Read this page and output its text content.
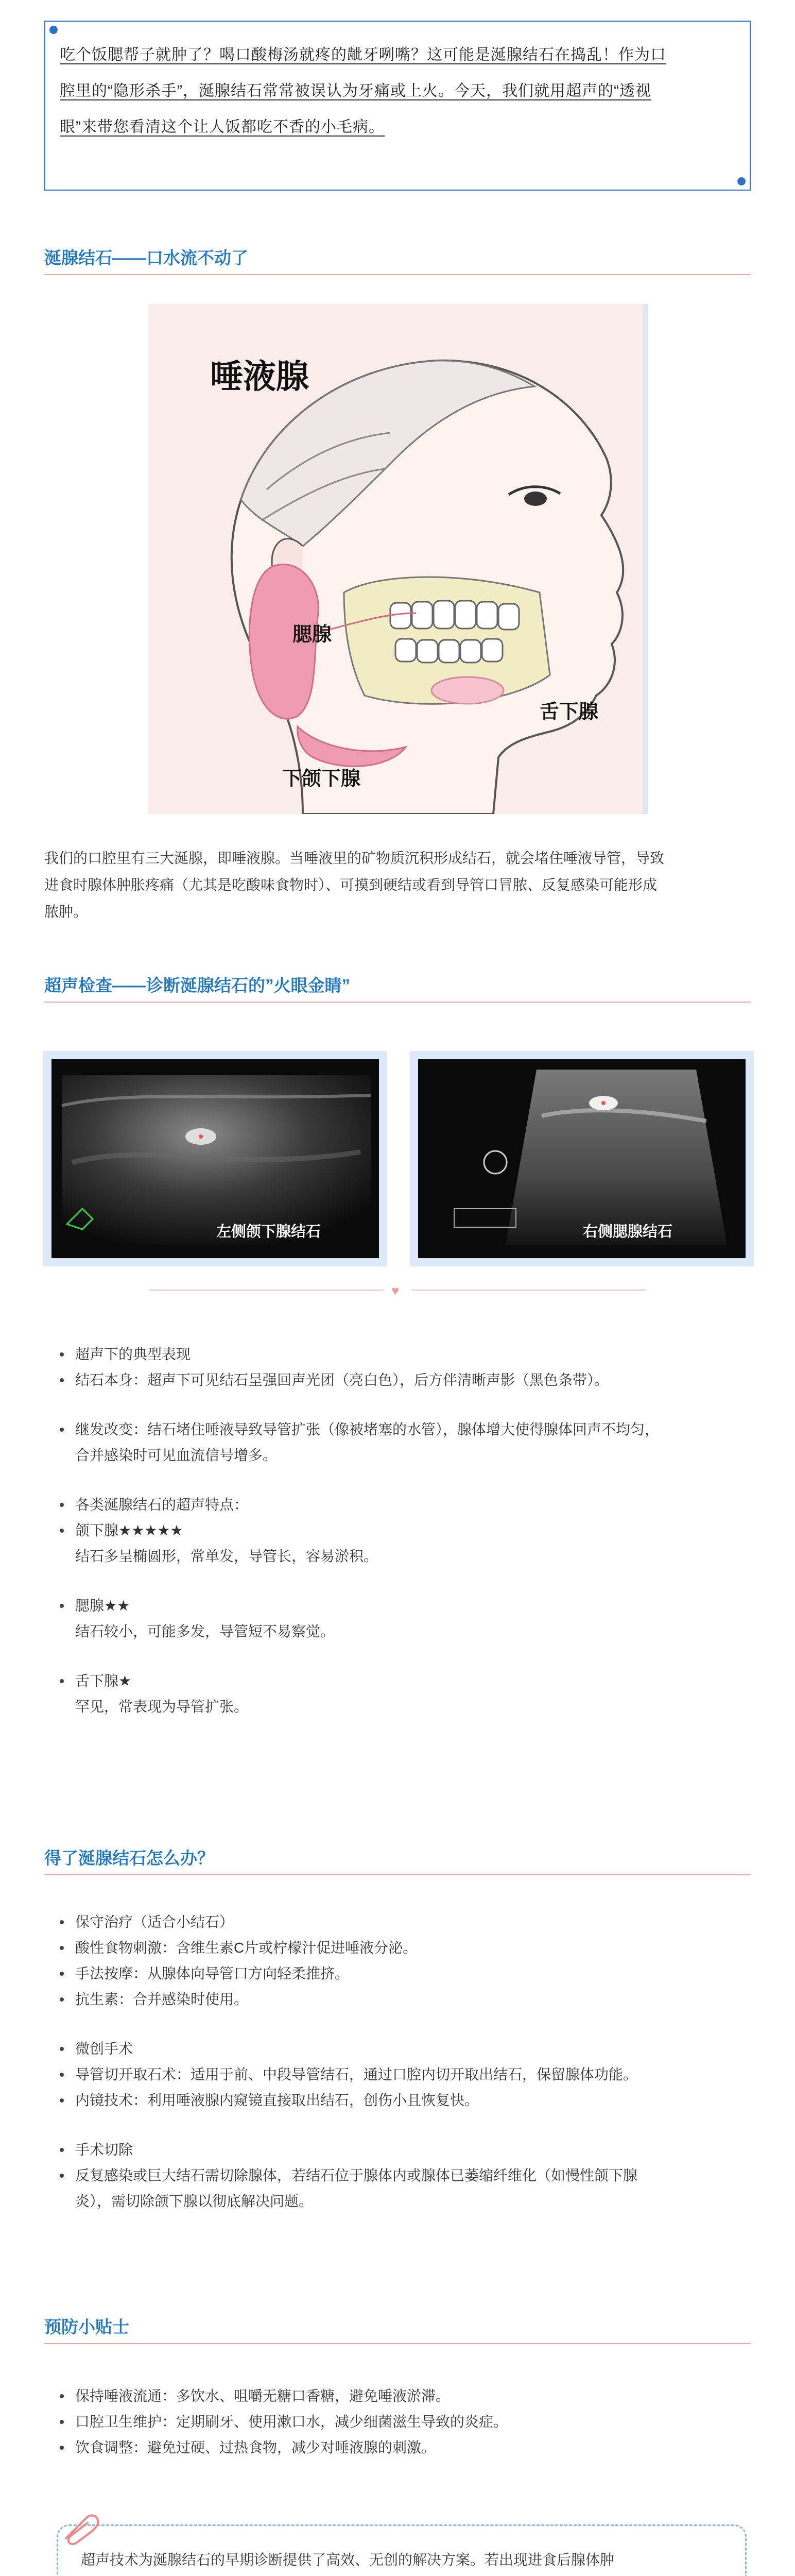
吃个饭腮帮子就肿了？喝口酸梅汤就疼的龇牙咧嘴？这可能是涎腺结石在捣乱！作为口

腔里的“隐形杀手”，涎腺结石常常被误认为牙痛或上火。今天，我们就用超声的“透视

眼”来带您看清这个让人饭都吃不香的小毛病。

涎腺结石——口水流不动了
唾液腺
腮腺
舌下腺
下颌下腺
我们的口腔里有三大涎腺，即唾液腺。当唾液里的矿物质沉积形成结石，就会堵住唾液导管，导致
进食时腺体肿胀疼痛（尤其是吃酸味食物时）、可摸到硬结或看到导管口冒脓、反复感染可能形成
脓肿。
超声检查——诊断涎腺结石的”火眼金睛”
左侧颌下腺结石	右侧腮腺结石
♥
超声下的典型表现
结石本身：超声下可见结石呈强回声光团（亮白色），后方伴清晰声影（黑色条带）。
继发改变：结石堵住唾液导致导管扩张（像被堵塞的水管），腺体增大使得腺体回声不均匀，
合并感染时可见血流信号增多。
各类涎腺结石的超声特点：
颌下腺★★★★★
结石多呈椭圆形，常单发，导管长，容易淤积。
腮腺★★
结石较小，可能多发，导管短不易察觉。
舌下腺★
罕见，常表现为导管扩张。
得了涎腺结石怎么办？
保守治疗（适合小结石）
酸性食物刺激：含维生素C片或柠檬汁促进唾液分泌。
手法按摩：从腺体向导管口方向轻柔推挤。
抗生素：合并感染时使用。
微创手术
导管切开取石术：适用于前、中段导管结石，通过口腔内切开取出结石，保留腺体功能。
内镜技术：利用唾液腺内窥镜直接取出结石，创伤小且恢复快。
手术切除
反复感染或巨大结石需切除腺体，若结石位于腺体内或腺体已萎缩纤维化（如慢性颌下腺
炎），需切除颌下腺以彻底解决问题。
预防小贴士
保持唾液流通：多饮水、咀嚼无糖口香糖，避免唾液淤滞。
口腔卫生维护：定期刷牙、使用漱口水，减少细菌滋生导致的炎症。
饮食调整：避免过硬、过热食物，减少对唾液腺的刺激。

超声技术为涎腺结石的早期诊断提供了高效、无创的解决方案。若出现进食后腺体肿
